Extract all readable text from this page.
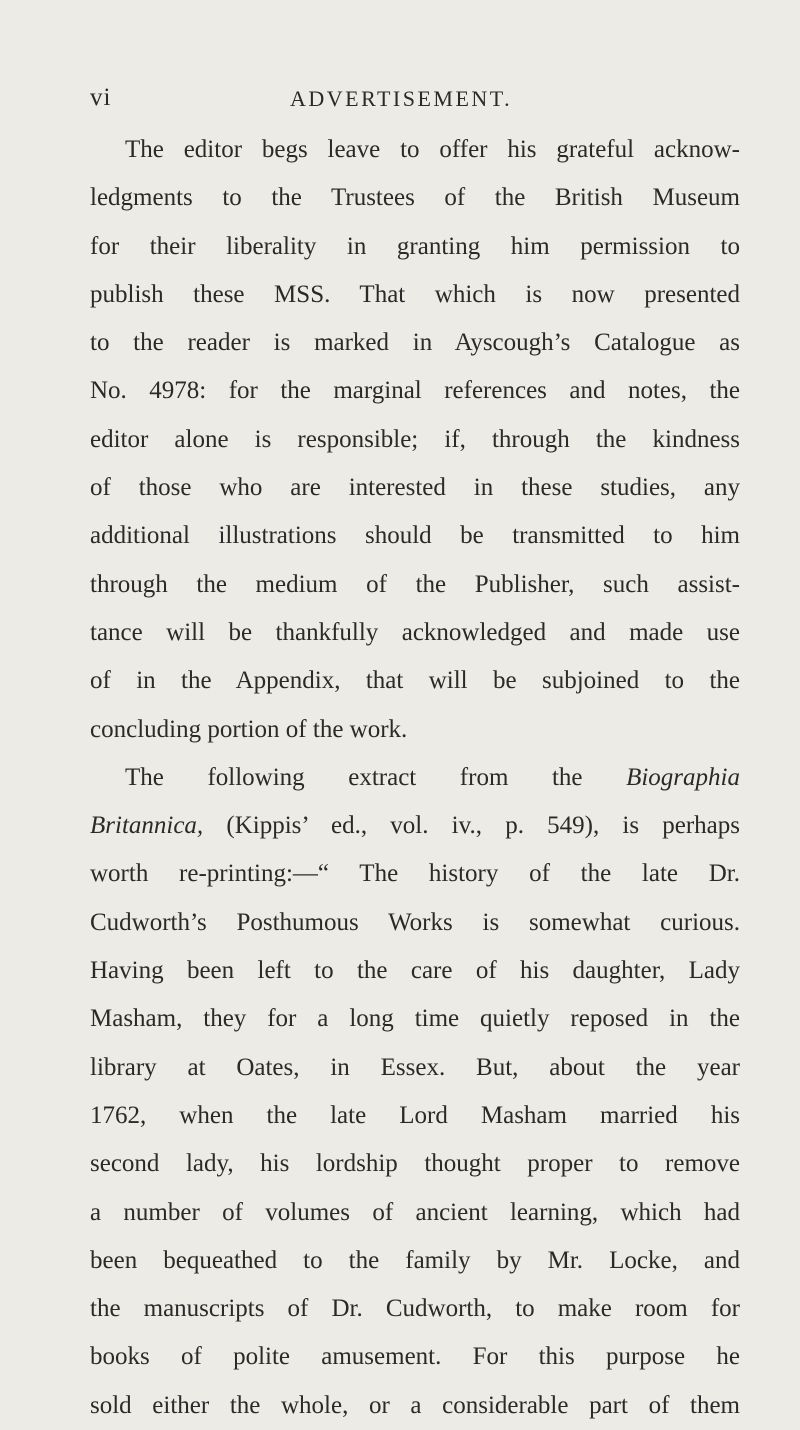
vi	ADVERTISEMENT.
The editor begs leave to offer his grateful acknow-
ledgments to the Trustees of the British Museum
for their liberality in granting him permission to
publish these MSS. That which is now presented
to the reader is marked in Ayscough’s Catalogue as
No. 4978: for the marginal references and notes, the
editor alone is responsible; if, through the kindness
of those who are interested in these studies, any
additional illustrations should be transmitted to him
through the medium of the Publisher, such assist-
tance will be thankfully acknowledged and made use
of in the Appendix, that will be subjoined to the
concluding portion of the work.
The following extract from the Biographia
Britannica, (Kippis’ ed., vol. iv., p. 549), is perhaps
worth re-printing:—“ The history of the late Dr.
Cudworth’s Posthumous Works is somewhat curious.
Having been left to the care of his daughter, Lady
Masham, they for a long time quietly reposed in the
library at Oates, in Essex. But, about the year
1762, when the late Lord Masham married his
second lady, his lordship thought proper to remove
a number of volumes of ancient learning, which had
been bequeathed to the family by Mr. Locke, and
the manuscripts of Dr. Cudworth, to make room for
books of polite amusement. For this purpose he
sold either the whole, or a considerable part of them
